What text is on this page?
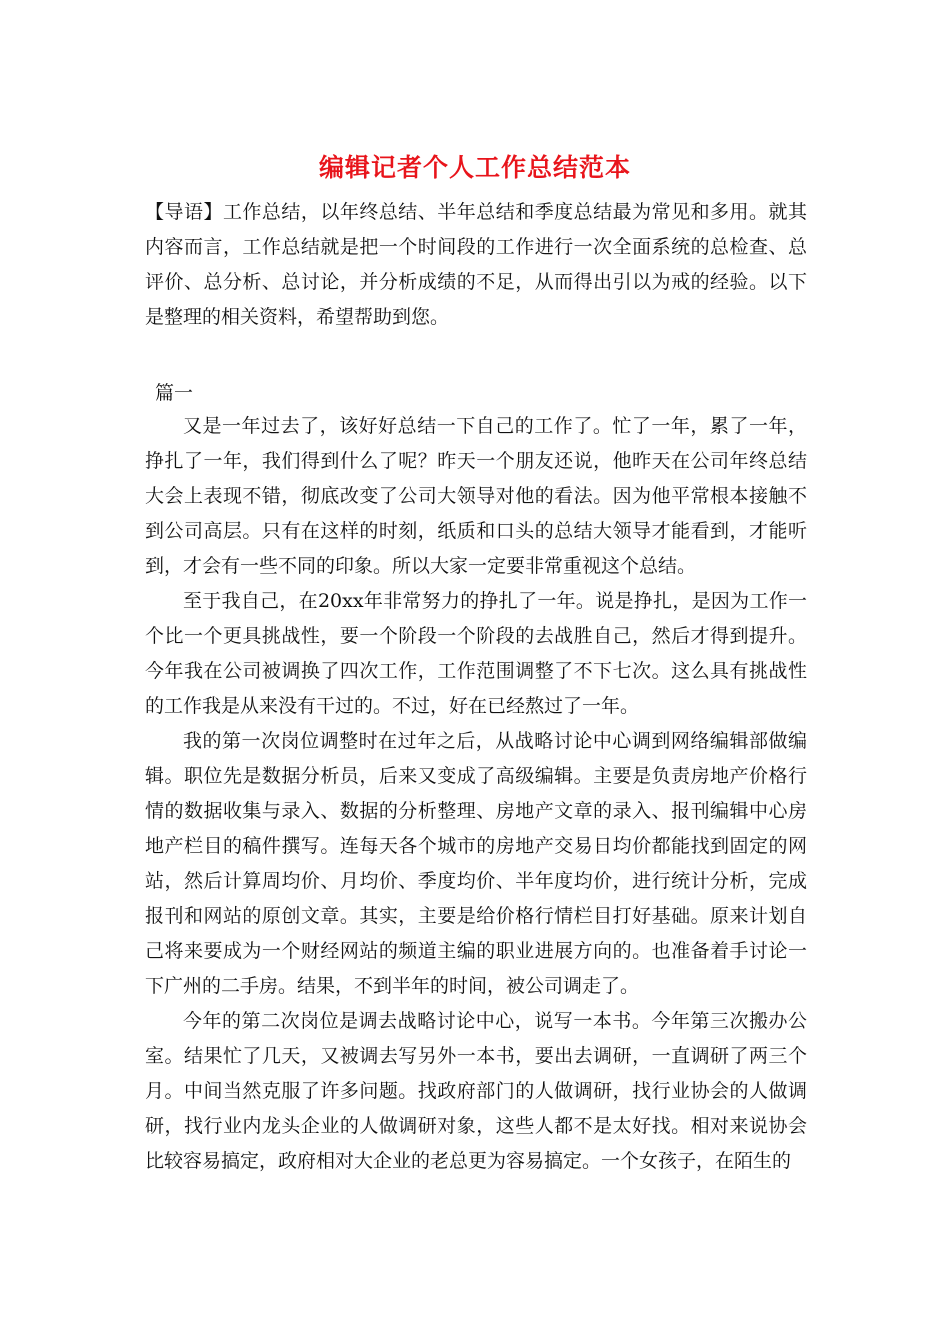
编辑记者个人工作总结范本

【导语】工作总结，以年终总结、半年总结和季度总结最为常见和多用。就其内容而言，工作总结就是把一个时间段的工作进行一次全面系统的总检查、总评价、总分析、总讨论，并分析成绩的不足，从而得出引以为戒的经验。以下是整理的相关资料，希望帮助到您。

篇一

又是一年过去了，该好好总结一下自己的工作了。忙了一年，累了一年，挣扎了一年，我们得到什么了呢？昨天一个朋友还说，他昨天在公司年终总结大会上表现不错，彻底改变了公司大领导对他的看法。因为他平常根本接触不到公司高层。只有在这样的时刻，纸质和口头的总结大领导才能看到，才能听到，才会有一些不同的印象。所以大家一定要非常重视这个总结。

至于我自己，在20xx年非常努力的挣扎了一年。说是挣扎，是因为工作一个比一个更具挑战性，要一个阶段一个阶段的去战胜自己，然后才得到提升。今年我在公司被调换了四次工作，工作范围调整了不下七次。这么具有挑战性的工作我是从来没有干过的。不过，好在已经熬过了一年。

我的第一次岗位调整时在过年之后，从战略讨论中心调到网络编辑部做编辑。职位先是数据分析员，后来又变成了高级编辑。主要是负责房地产价格行情的数据收集与录入、数据的分析整理、房地产文章的录入、报刊编辑中心房地产栏目的稿件撰写。连每天各个城市的房地产交易日均价都能找到固定的网站，然后计算周均价、月均价、季度均价、半年度均价，进行统计分析，完成报刊和网站的原创文章。其实，主要是给价格行情栏目打好基础。原来计划自己将来要成为一个财经网站的频道主编的职业进展方向的。也准备着手讨论一下广州的二手房。结果，不到半年的时间，被公司调走了。

今年的第二次岗位是调去战略讨论中心，说写一本书。今年第三次搬办公室。结果忙了几天，又被调去写另外一本书，要出去调研，一直调研了两三个月。中间当然克服了许多问题。找政府部门的人做调研，找行业协会的人做调研，找行业内龙头企业的人做调研对象，这些人都不是太好找。相对来说协会比较容易搞定，政府相对大企业的老总更为容易搞定。一个女孩子，在陌生的
